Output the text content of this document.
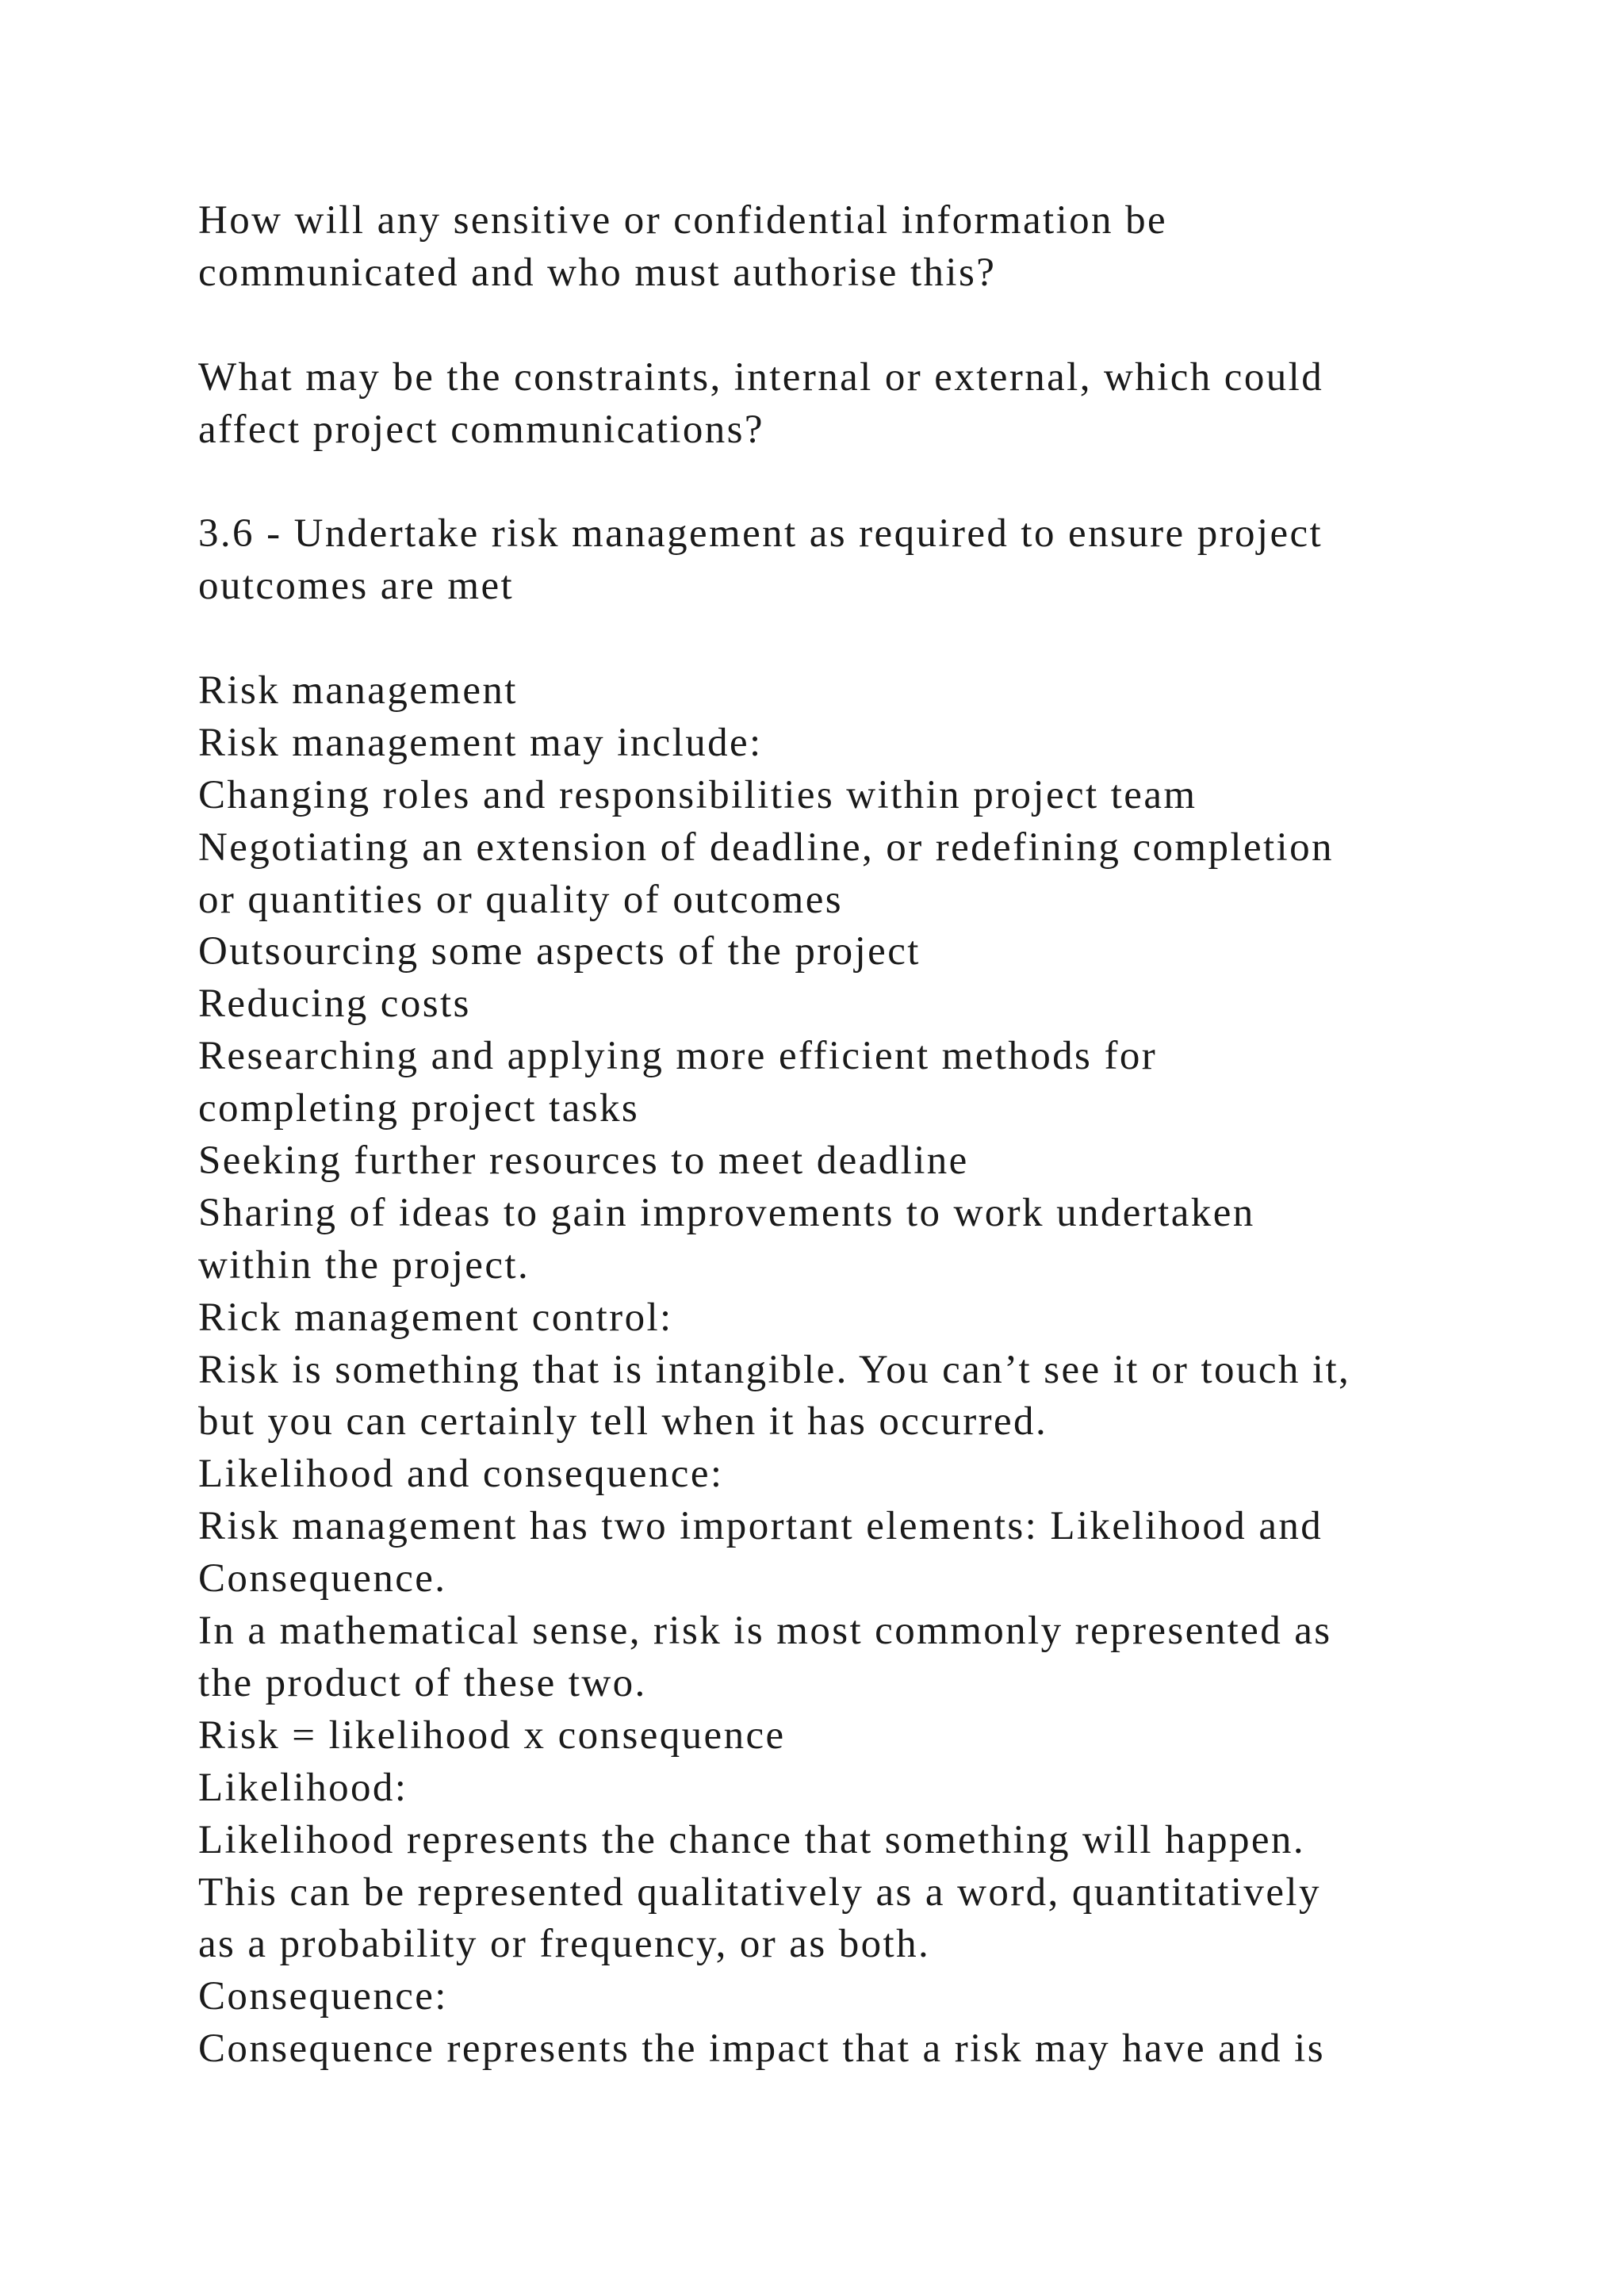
How will any sensitive or confidential information be
communicated and who must authorise this?
What may be the constraints, internal or external, which could
affect project communications?
3.6 - Undertake risk management as required to ensure project
outcomes are met
Risk management
Risk management may include:
Changing roles and responsibilities within project team
Negotiating an extension of deadline, or redefining completion
or quantities or quality of outcomes
Outsourcing some aspects of the project
Reducing costs
Researching and applying more efficient methods for
completing project tasks
Seeking further resources to meet deadline
Sharing of ideas to gain improvements to work undertaken
within the project.
Rick management control:
Risk is something that is intangible. You can’t see it or touch it,
but you can certainly tell when it has occurred.
Likelihood and consequence:
Risk management has two important elements: Likelihood and
Consequence.
In a mathematical sense, risk is most commonly represented as
the product of these two.
Risk = likelihood x consequence
Likelihood:
Likelihood represents the chance that something will happen.
This can be represented qualitatively as a word, quantitatively
as a probability or frequency, or as both.
Consequence:
Consequence represents the impact that a risk may have and is
